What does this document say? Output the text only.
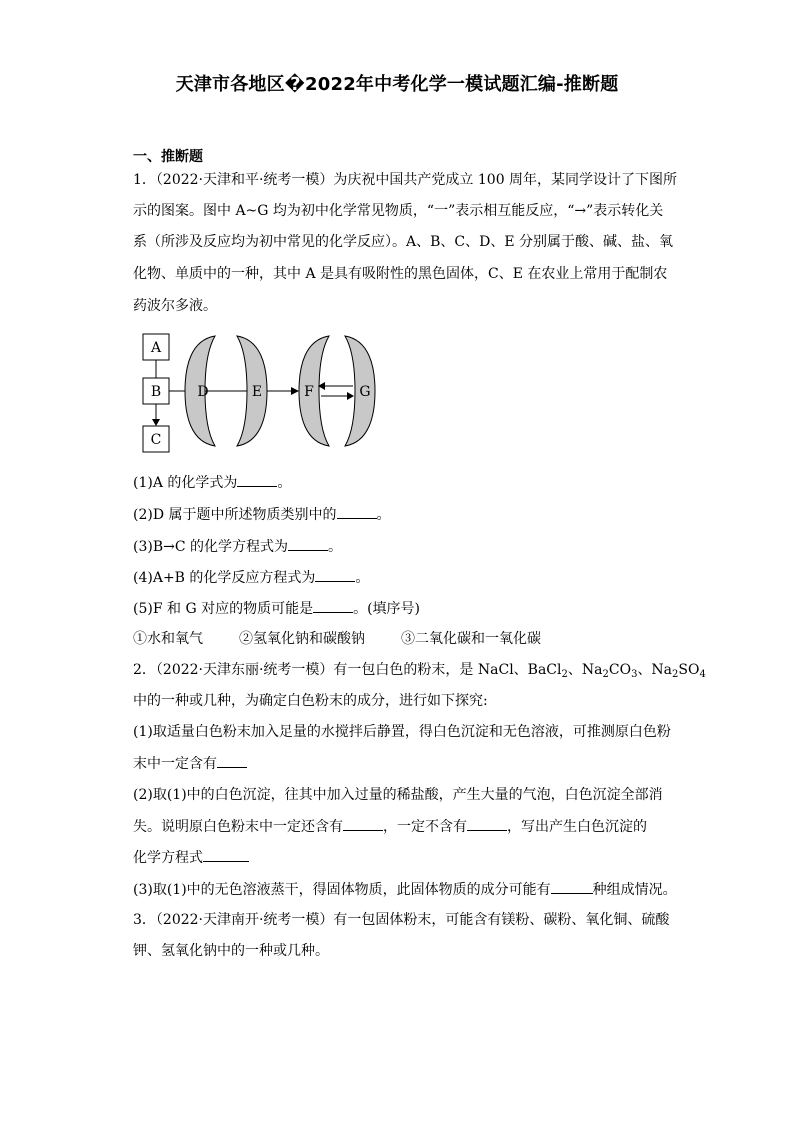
天津市各地区�2022年中考化学一模试题汇编-推断题
一、推断题
1．（2022·天津和平·统考一模）为庆祝中国共产党成立 100 周年，某同学设计了下图所
示的图案。图中 A~G 均为初中化学常见物质，“一”表示相互能反应，“→”表示转化关
系（所涉及反应均为初中常见的化学反应）。A、B、C、D、E 分别属于酸、碱、盐、氧
化物、单质中的一种，其中 A 是具有吸附性的黑色固体，C、E 在农业上常用于配制农
药波尔多液。
A
B
C
D	E	F	G
(1)A 的化学式为	。
(2)D 属于题中所述物质类别中的	。
(3)B→C 的化学方程式为	。
(4)A+B 的化学反应方程式为	。
(5)F 和 G 对应的物质可能是	。(填序号)
①水和氧气	②氢氧化钠和碳酸钠	③二氧化碳和一氧化碳
2．（2022·天津东丽·统考一模）有一包白色的粉末，是 NaCl、BaCl$_2$、$Na_2CO_3$、$Na_2SO_4$
中的一种或几种，为确定白色粉末的成分，进行如下探究:
(1)取适量白色粉末加入足量的水搅拌后静置，得白色沉淀和无色溶液，可推测原白色粉
末中一定含有
(2)取(1)中的白色沉淀，往其中加入过量的稀盐酸，产生大量的气泡，白色沉淀全部消
失。说明原白色粉末中一定还含有	，一定不含有	，写出产生白色沉淀的
化学方程式
(3)取(1)中的无色溶液蒸干，得固体物质，此固体物质的成分可能有	种组成情况。
3．（2022·天津南开·统考一模）有一包固体粉末，可能含有镁粉、碳粉、氧化铜、硫酸
钾、氢氧化钠中的一种或几种。
